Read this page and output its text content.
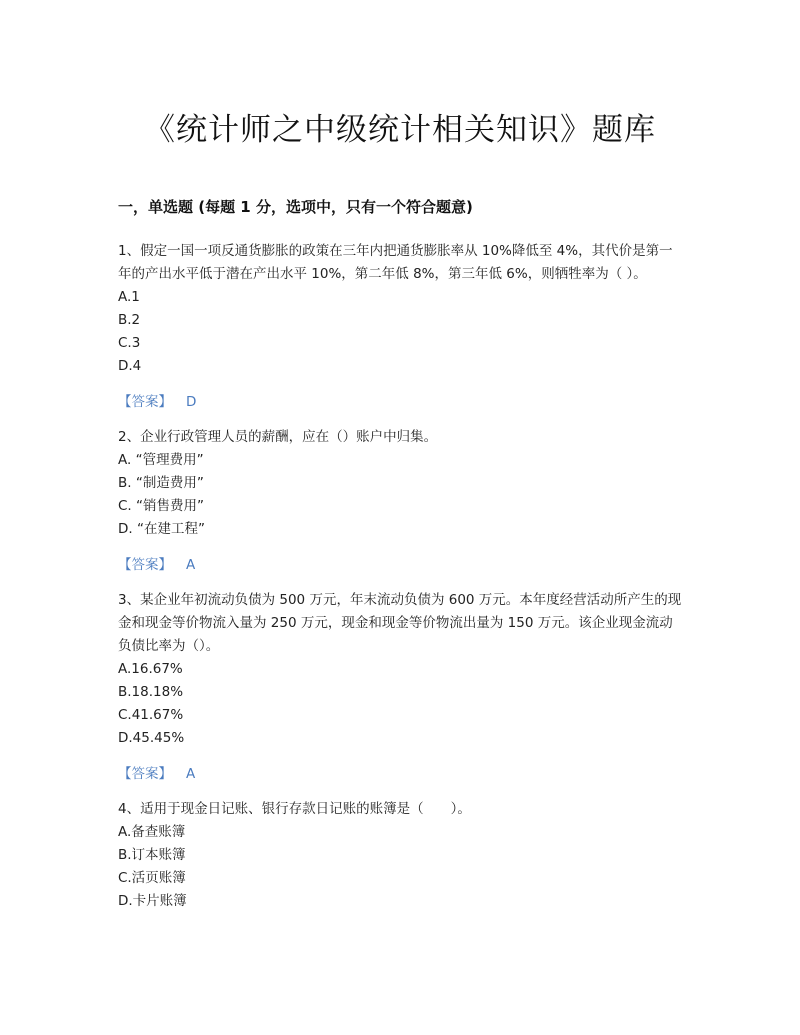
《统计师之中级统计相关知识》题库
一，单选题 (每题 1 分，选项中，只有一个符合题意)

1、假定一国一项反通货膨胀的政策在三年内把通货膨胀率从 10%降低至 4%，其代价是第一年的产出水平低于潜在产出水平 10%，第二年低 8%，第三年低 6%，则牺牲率为（ ）。

A.1

B.2

C.3

D.4

【答案】 D

2、企业行政管理人员的薪酬，应在（）账户中归集。

A. “管理费用”

B. “制造费用”

C. “销售费用”

D. “在建工程”

【答案】 A

3、某企业年初流动负债为 500 万元，年末流动负债为 600 万元。本年度经营活动所产生的现金和现金等价物流入量为 250 万元，现金和现金等价物流出量为 150 万元。该企业现金流动负债比率为（）。

A.16.67%

B.18.18%

C.41.67%

D.45.45%

【答案】 A

4、适用于现金日记账、银行存款日记账的账簿是（　　）。

A.备查账簿

B.订本账簿

C.活页账簿

D.卡片账簿
